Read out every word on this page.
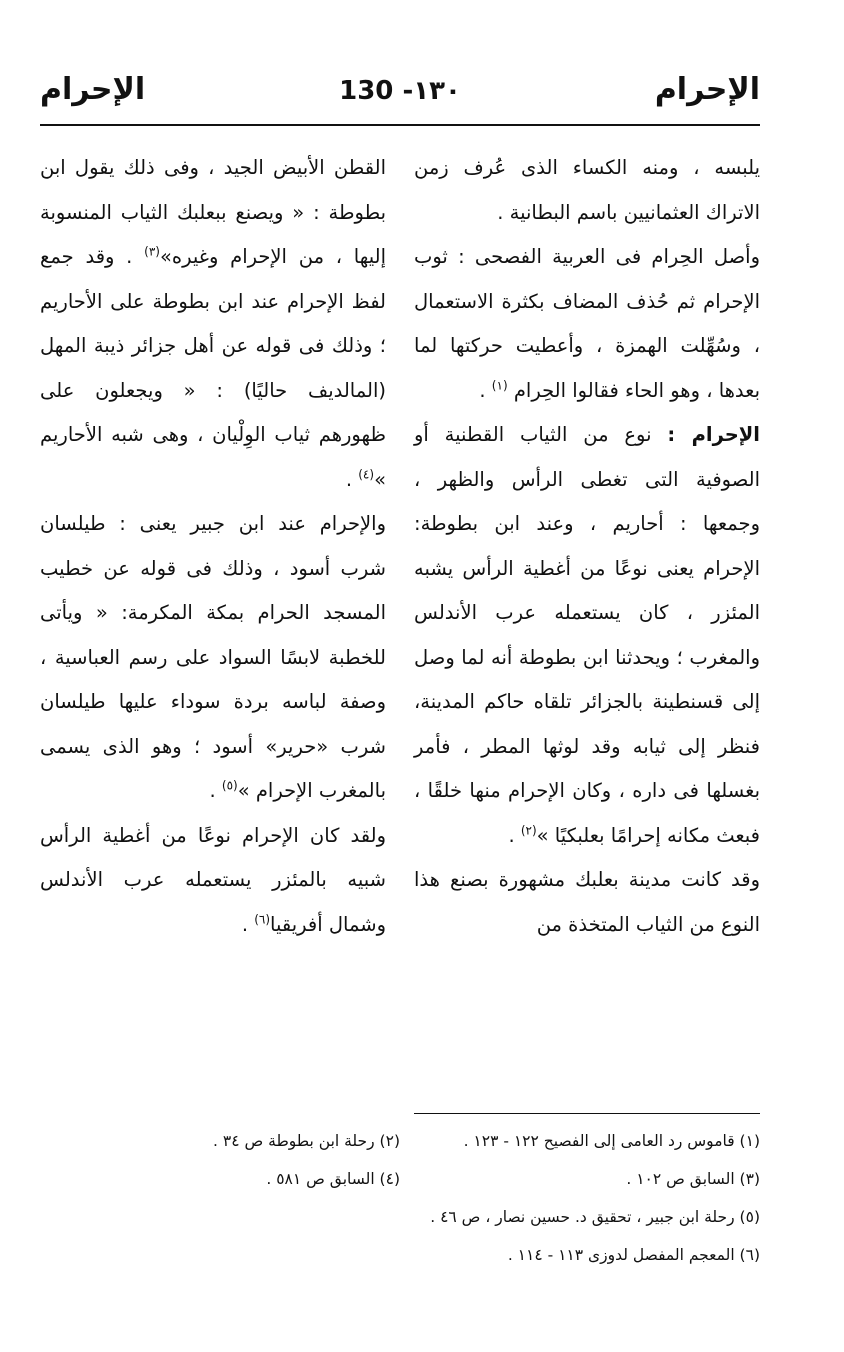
الإحرام
130 -١٣٠
الإحرام

يلبسه ، ومنه الكساء الذى عُرف زمن الاتراك العثمانيين باسم البطانية .

وأصل الحِرام فى العربية الفصحى : ثوب الإحرام ثم حُذف المضاف بكثرة الاستعمال ، وسُهِّلت الهمزة ، وأعطيت حركتها لما بعدها ، وهو الحاء فقالوا الحِرام $^{(١)}$ .

الإحرام : نوع من الثياب القطنية أو الصوفية التى تغطى الرأس والظهر ، وجمعها : أحاريم ، وعند ابن بطوطة: الإحرام يعنى نوعًا من أغطية الرأس يشبه المئزر ، كان يستعمله عرب الأندلس والمغرب ؛ ويحدثنا ابن بطوطة أنه لما وصل إلى قسنطينة بالجزائر تلقاه حاكم المدينة، فنظر إلى ثيابه وقد لوثها المطر ، فأمر بغسلها فى داره ، وكان الإحرام منها خلقًا ، فبعث مكانه إحرامًا بعلبكيًا »$^{(٢)}$ .

وقد كانت مدينة بعلبك مشهورة بصنع هذا النوع من الثياب المتخذة من

القطن الأبيض الجيد ، وفى ذلك يقول ابن بطوطة : « ويصنع ببعلبك الثياب المنسوبة إليها ، من الإحرام وغيره»$^{(٣)}$ . وقد جمع لفظ الإحرام عند ابن بطوطة على الأحاريم ؛ وذلك فى قوله عن أهل جزائر ذيبة المهل (المالديف حاليًا) : « ويجعلون على ظهورهم ثياب الوِلْيان ، وهى شبه الأحاريم »$^{(٤)}$ .

والإحرام عند ابن جبير يعنى : طيلسان شرب أسود ، وذلك فى قوله عن خطيب المسجد الحرام بمكة المكرمة: « ويأتى للخطبة لابسًا السواد على رسم العباسية ، وصفة لباسه بردة سوداء عليها طيلسان شرب «حرير» أسود ؛ وهو الذى يسمى بالمغرب الإحرام »$^{(٥)}$ .

ولقد كان الإحرام نوعًا من أغطية الرأس شبيه بالمئزر يستعمله عرب الأندلس وشمال أفريقيا$^{(٦)}$ .

(١) قاموس رد العامى إلى الفصيح ١٢٢ - ١٢٣ .
(٢) رحلة ابن بطوطة ص ٣٤ .
(٣) السابق ص ١٠٢ .
(٤) السابق ص ٥٨١ .
(٥) رحلة ابن جبير ، تحقيق د. حسين نصار ، ص ٤٦ .
(٦) المعجم المفصل لدوزى ١١٣ - ١١٤ .
